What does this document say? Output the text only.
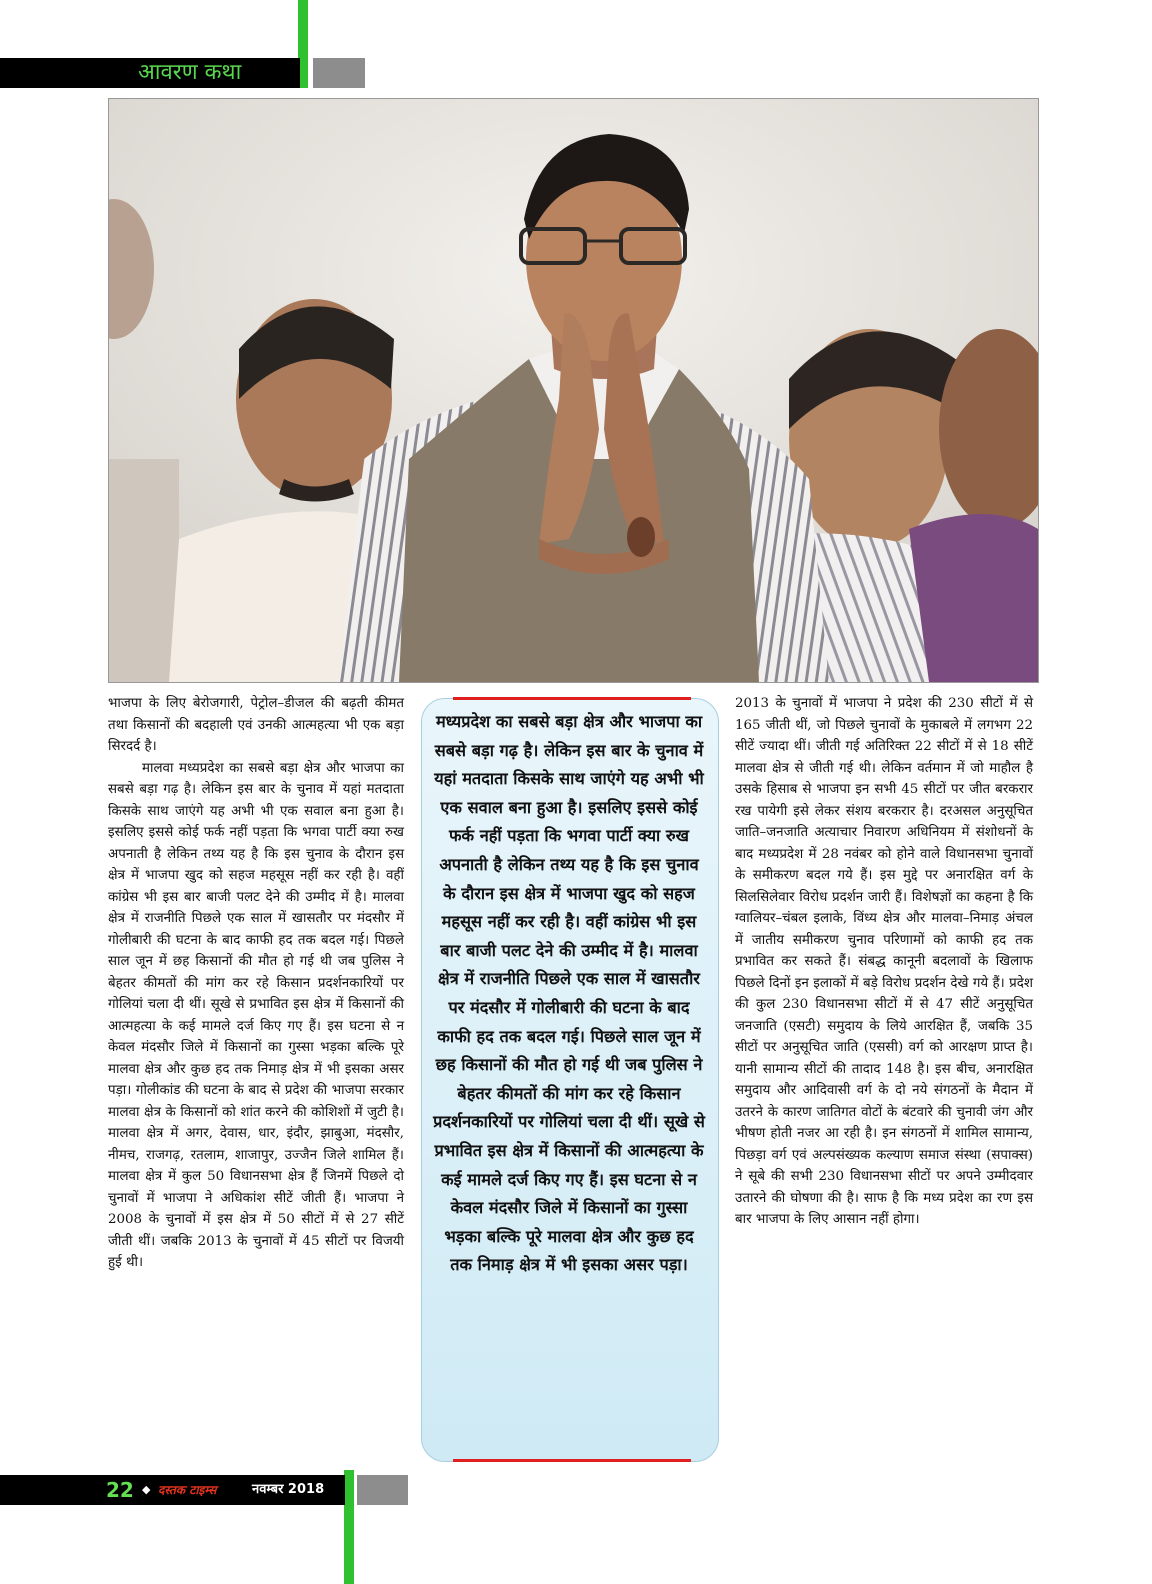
आवरण कथा

भाजपा के लिए बेरोजगारी, पेट्रोल–डीजल की बढ़ती कीमत तथा किसानों की बदहाली एवं उनकी आत्महत्या भी एक बड़ा सिरदर्द है।

मालवा मध्यप्रदेश का सबसे बड़ा क्षेत्र और भाजपा का सबसे बड़ा गढ़ है। लेकिन इस बार के चुनाव में यहां मतदाता किसके साथ जाएंगे यह अभी भी एक सवाल बना हुआ है। इसलिए इससे कोई फर्क नहीं पड़ता कि भगवा पार्टी क्या रुख अपनाती है लेकिन तथ्य यह है कि इस चुनाव के दौरान इस क्षेत्र में भाजपा खुद को सहज महसूस नहीं कर रही है। वहीं कांग्रेस भी इस बार बाजी पलट देने की उम्मीद में है। मालवा क्षेत्र में राजनीति पिछले एक साल में खासतौर पर मंदसौर में गोलीबारी की घटना के बाद काफी हद तक बदल गई। पिछले साल जून में छह किसानों की मौत हो गई थी जब पुलिस ने बेहतर कीमतों की मांग कर रहे किसान प्रदर्शनकारियों पर गोलियां चला दी थीं। सूखे से प्रभावित इस क्षेत्र में किसानों की आत्महत्या के कई मामले दर्ज किए गए हैं। इस घटना से न केवल मंदसौर जिले में किसानों का गुस्सा भड़का बल्कि पूरे मालवा क्षेत्र और कुछ हद तक निमाड़ क्षेत्र में भी इसका असर पड़ा। गोलीकांड की घटना के बाद से प्रदेश की भाजपा सरकार मालवा क्षेत्र के किसानों को शांत करने की कोशिशों में जुटी है। मालवा क्षेत्र में अगर, देवास, धार, इंदौर, झाबुआ, मंदसौर, नीमच, राजगढ़, रतलाम, शाजापुर, उज्जैन जिले शामिल हैं। मालवा क्षेत्र में कुल 50 विधानसभा क्षेत्र हैं जिनमें पिछले दो चुनावों में भाजपा ने अधिकांश सीटें जीती हैं। भाजपा ने 2008 के चुनावों में इस क्षेत्र में 50 सीटों में से 27 सीटें जीती थीं। जबकि 2013 के चुनावों में 45 सीटों पर विजयी हुई थी।

मध्यप्रदेश का सबसे बड़ा क्षेत्र और भाजपा का सबसे बड़ा गढ़ है। लेकिन इस बार के चुनाव में यहां मतदाता किसके साथ जाएंगे यह अभी भी एक सवाल बना हुआ है। इसलिए इससे कोई फर्क नहीं पड़ता कि भगवा पार्टी क्या रुख अपनाती है लेकिन तथ्य यह है कि इस चुनाव के दौरान इस क्षेत्र में भाजपा खुद को सहज महसूस नहीं कर रही है। वहीं कांग्रेस भी इस बार बाजी पलट देने की उम्मीद में है। मालवा क्षेत्र में राजनीति पिछले एक साल में खासतौर पर मंदसौर में गोलीबारी की घटना के बाद काफी हद तक बदल गई। पिछले साल जून में छह किसानों की मौत हो गई थी जब पुलिस ने बेहतर कीमतों की मांग कर रहे किसान प्रदर्शनकारियों पर गोलियां चला दी थीं। सूखे से प्रभावित इस क्षेत्र में किसानों की आत्महत्या के कई मामले दर्ज किए गए हैं। इस घटना से न केवल मंदसौर जिले में किसानों का गुस्सा भड़का बल्कि पूरे मालवा क्षेत्र और कुछ हद तक निमाड़ क्षेत्र में भी इसका असर पड़ा।

2013 के चुनावों में भाजपा ने प्रदेश की 230 सीटों में से 165 जीती थीं, जो पिछले चुनावों के मुकाबले में लगभग 22 सीटें ज्यादा थीं। जीती गई अतिरिक्त 22 सीटों में से 18 सीटें मालवा क्षेत्र से जीती गई थी। लेकिन वर्तमान में जो माहौल है उसके हिसाब से भाजपा इन सभी 45 सीटों पर जीत बरकरार रख पायेगी इसे लेकर संशय बरकरार है। दरअसल अनुसूचित जाति–जनजाति अत्याचार निवारण अधिनियम में संशोधनों के बाद मध्यप्रदेश में 28 नवंबर को होने वाले विधानसभा चुनावों के समीकरण बदल गये हैं। इस मुद्दे पर अनारक्षित वर्ग के सिलसिलेवार विरोध प्रदर्शन जारी हैं। विशेषज्ञों का कहना है कि ग्वालियर–चंबल इलाके, विंध्य क्षेत्र और मालवा–निमाड़ अंचल में जातीय समीकरण चुनाव परिणामों को काफी हद तक प्रभावित कर सकते हैं। संबद्ध कानूनी बदलावों के खिलाफ पिछले दिनों इन इलाकों में बड़े विरोध प्रदर्शन देखे गये हैं। प्रदेश की कुल 230 विधानसभा सीटों में से 47 सीटें अनुसूचित जनजाति (एसटी) समुदाय के लिये आरक्षित हैं, जबकि 35 सीटों पर अनुसूचित जाति (एससी) वर्ग को आरक्षण प्राप्त है। यानी सामान्य सीटों की तादाद 148 है। इस बीच, अनारक्षित समुदाय और आदिवासी वर्ग के दो नये संगठनों के मैदान में उतरने के कारण जातिगत वोटों के बंटवारे की चुनावी जंग और भीषण होती नजर आ रही है। इन संगठनों में शामिल सामान्य, पिछड़ा वर्ग एवं अल्पसंख्यक कल्याण समाज संस्था (सपाक्स) ने सूबे की सभी 230 विधानसभा सीटों पर अपने उम्मीदवार उतारने की घोषणा की है। साफ है कि मध्य प्रदेश का रण इस बार भाजपा के लिए आसान नहीं होगा।

22 ◆ दस्तक टाइम्स	नवम्बर 2018
